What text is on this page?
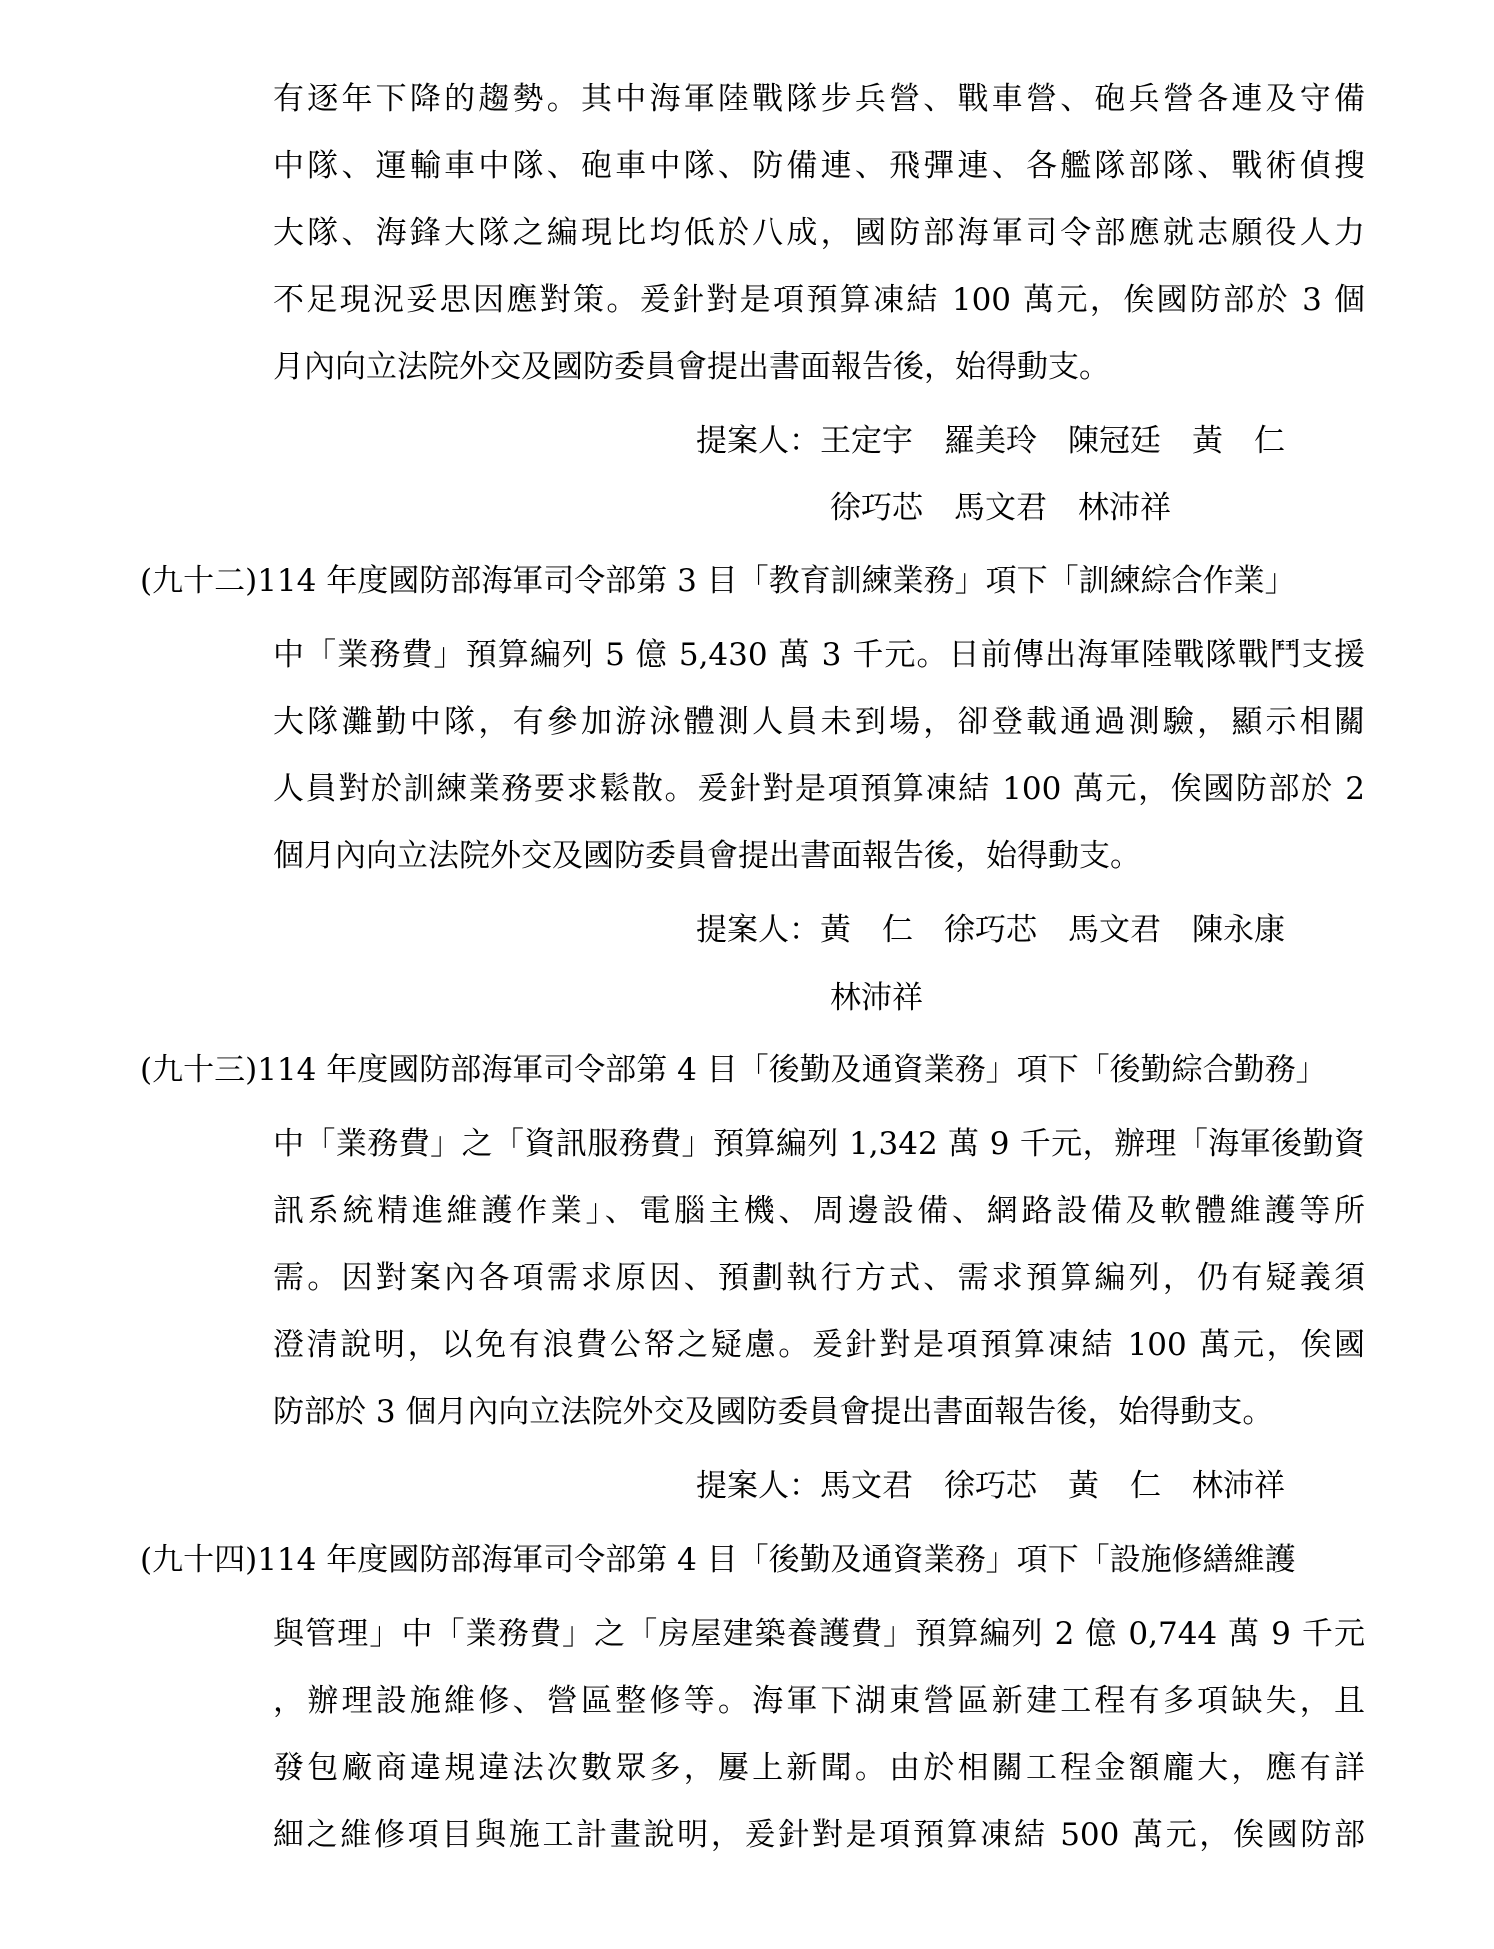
有逐年下降的趨勢。其中海軍陸戰隊步兵營、戰車營、砲兵營各連及守備
中隊、運輸車中隊、砲車中隊、防備連、飛彈連、各艦隊部隊、戰術偵搜
大隊、海鋒大隊之編現比均低於八成，國防部海軍司令部應就志願役人力
不足現況妥思因應對策。爰針對是項預算凍結 100 萬元，俟國防部於 3 個
月內向立法院外交及國防委員會提出書面報告後，始得動支。
提案人：王定宇　羅美玲　陳冠廷　黃　仁
徐巧芯　馬文君　林沛祥
(九十二)114 年度國防部海軍司令部第 3 目「教育訓練業務」項下「訓練綜合作業」
中「業務費」預算編列 5 億 5,430 萬 3 千元。日前傳出海軍陸戰隊戰鬥支援
大隊灘勤中隊，有參加游泳體測人員未到場，卻登載通過測驗，顯示相關
人員對於訓練業務要求鬆散。爰針對是項預算凍結 100 萬元，俟國防部於 2
個月內向立法院外交及國防委員會提出書面報告後，始得動支。
提案人：黃　仁　徐巧芯　馬文君　陳永康
林沛祥
(九十三)114 年度國防部海軍司令部第 4 目「後勤及通資業務」項下「後勤綜合勤務」
中「業務費」之「資訊服務費」預算編列 1,342 萬 9 千元，辦理「海軍後勤資
訊系統精進維護作業」、電腦主機、周邊設備、網路設備及軟體維護等所
需。因對案內各項需求原因、預劃執行方式、需求預算編列，仍有疑義須
澄清說明，以免有浪費公帑之疑慮。爰針對是項預算凍結 100 萬元，俟國
防部於 3 個月內向立法院外交及國防委員會提出書面報告後，始得動支。
提案人：馬文君　徐巧芯　黃　仁　林沛祥
(九十四)114 年度國防部海軍司令部第 4 目「後勤及通資業務」項下「設施修繕維護
與管理」中「業務費」之「房屋建築養護費」預算編列 2 億 0,744 萬 9 千元
，辦理設施維修、營區整修等。海軍下湖東營區新建工程有多項缺失，且
發包廠商違規違法次數眾多，屢上新聞。由於相關工程金額龐大，應有詳
細之維修項目與施工計畫說明，爰針對是項預算凍結 500 萬元，俟國防部
